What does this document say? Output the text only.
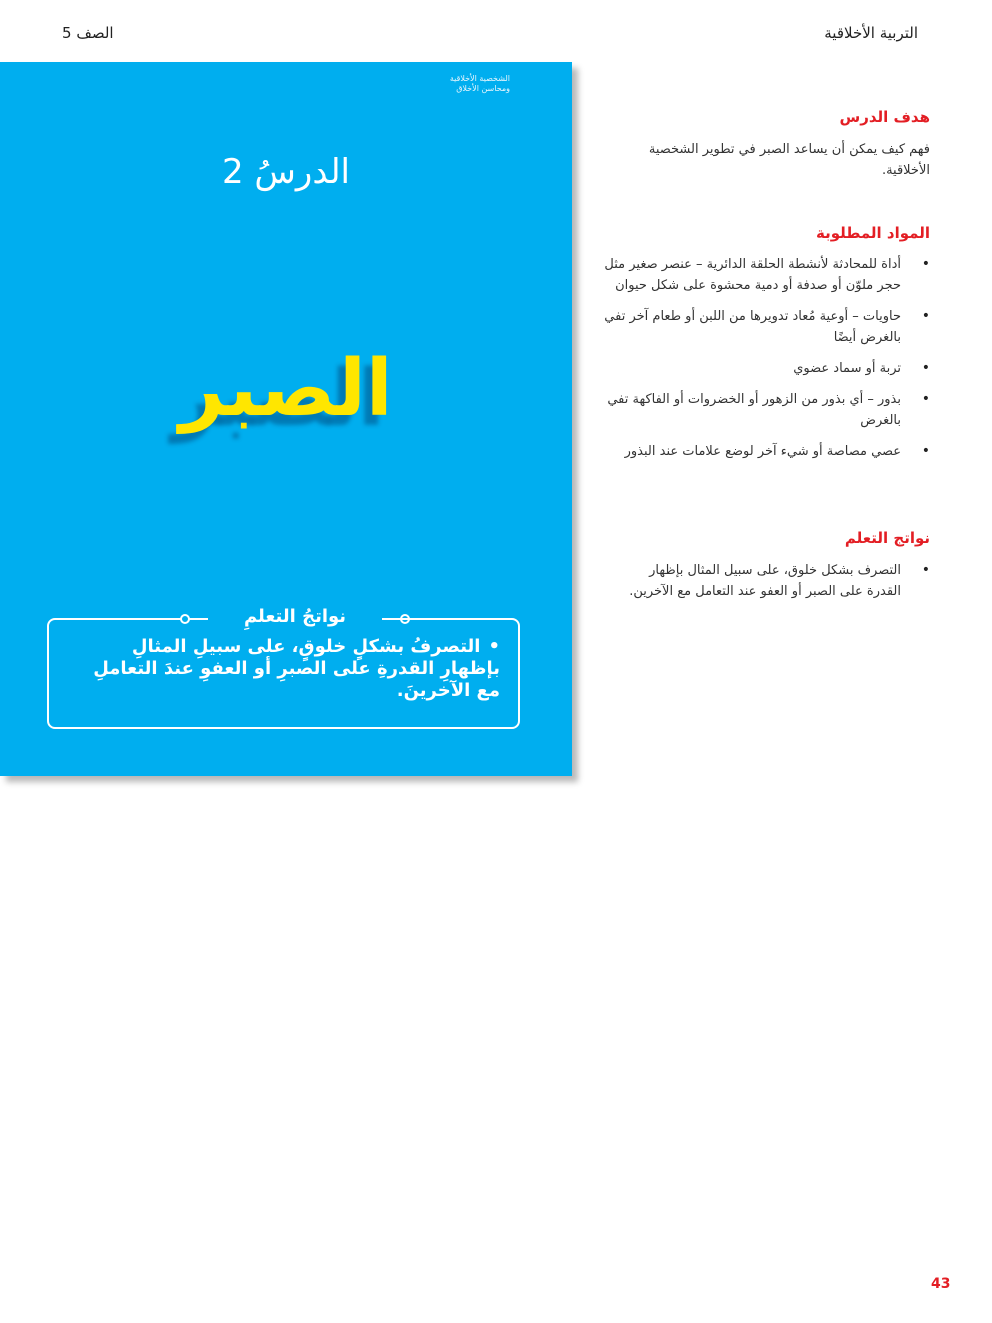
التربية الأخلاقية
الصف 5
الشخصية الأخلاقية
ومحاسن الأخلاق
الدرسُ 2
الصبر
نواتجُ التعلمِ
•التصرفُ بشكلٍ خلوقٍ، على سبيلِ المثالِ بإظهارِ القدرةِ على الصبرِ أو العفوِ عندَ التعاملِ مع الآخرينَ.
هدف الدرس
فهم كيف يمكن أن يساعد الصبر في تطوير الشخصية الأخلاقية.
المواد المطلوبة
•
أداة للمحادثة لأنشطة الحلقة الدائرية – عنصر صغير مثل حجر ملوّن أو صدفة أو دمية محشوة على شكل حيوان
•
حاويات – أوعية مُعاد تدويرها من اللبن أو طعام آخر تفي بالغرض أيضًا
•
تربة أو سماد عضوي
•
بذور – أي بذور من الزهور أو الخضروات أو الفاكهة تفي بالغرض
•
عصي مصاصة أو شيء آخر لوضع علامات عند البذور
نواتج التعلم
•
التصرف بشكل خلوق، على سبيل المثال بإظهار القدرة على الصبر أو العفو عند التعامل مع الآخرين.
43
